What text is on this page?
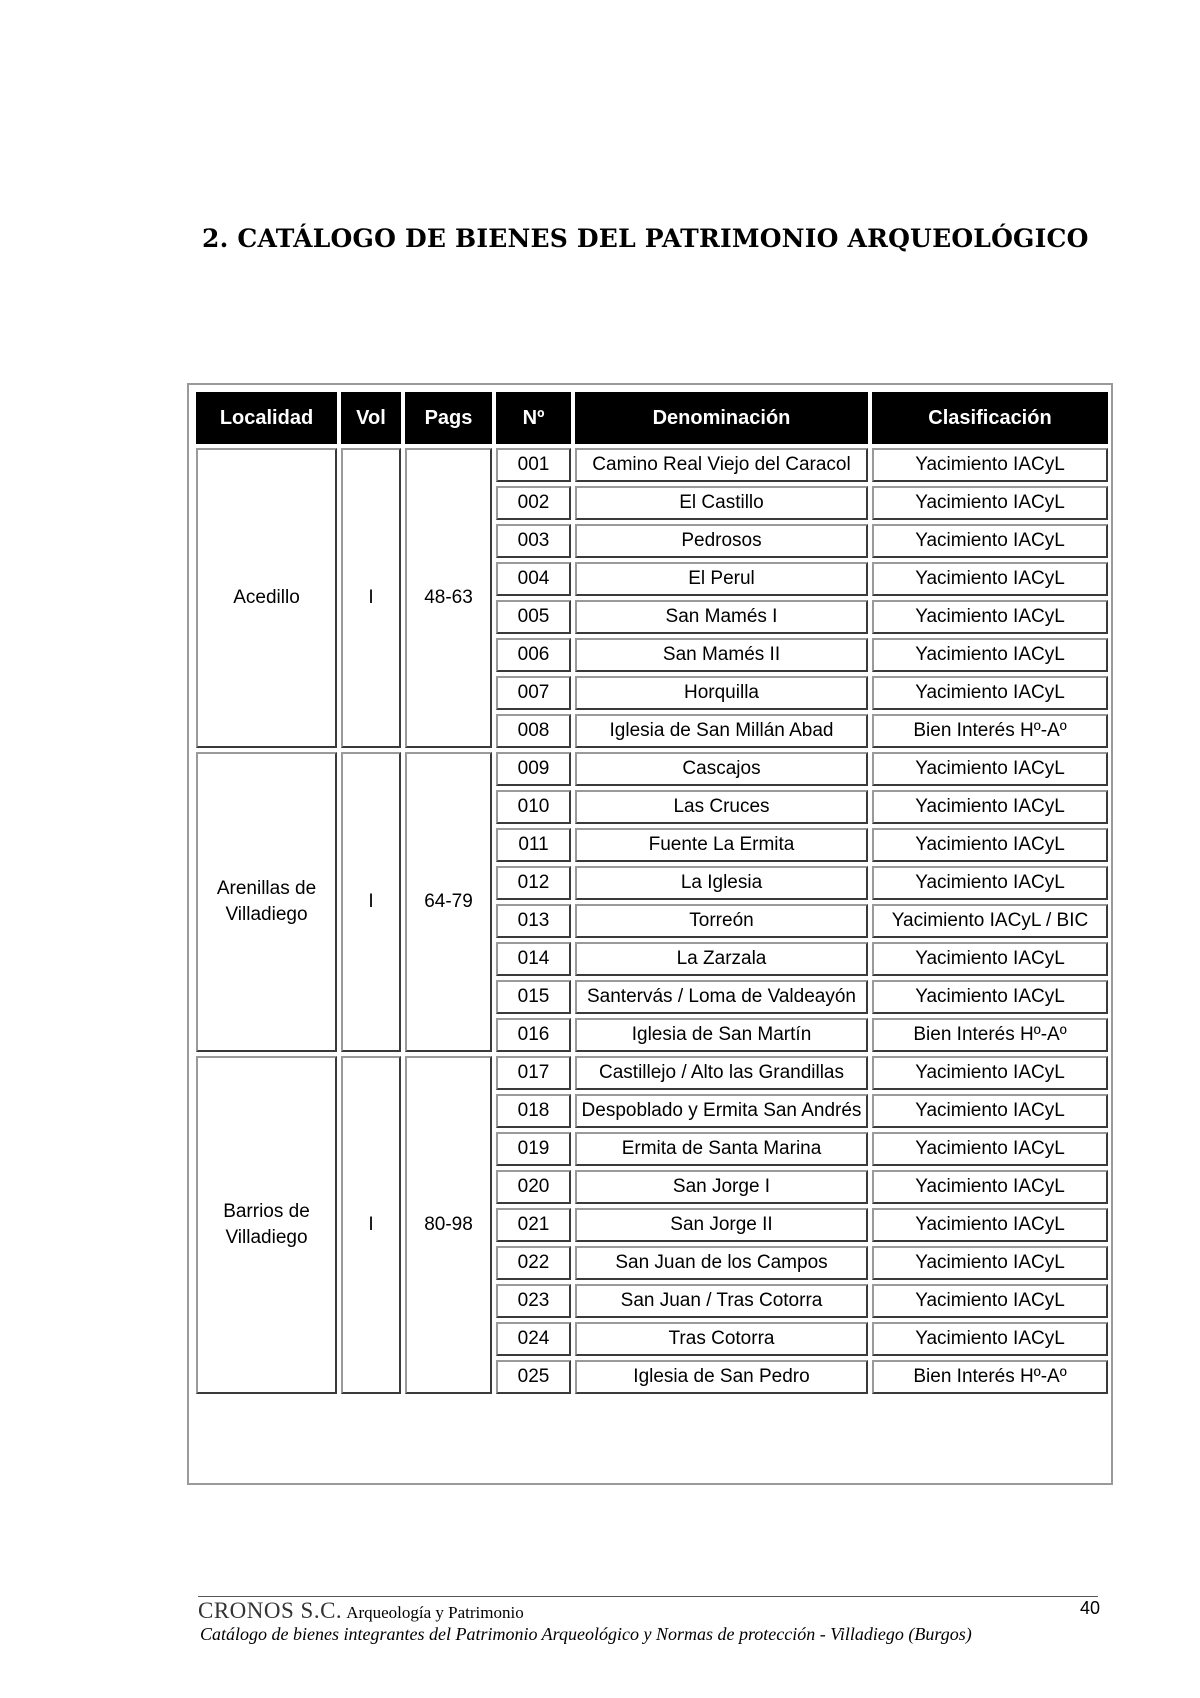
2. CATÁLOGO DE BIENES DEL PATRIMONIO ARQUEOLÓGICO
Localidad	Vol	Pags	Nº	Denominación	Clasificación
Acedillo	I	48-63	001	Camino Real Viejo del Caracol	Yacimiento IACyL
			002	El Castillo	Yacimiento IACyL
			003	Pedrosos	Yacimiento IACyL
			004	El Perul	Yacimiento IACyL
			005	San Mamés I	Yacimiento IACyL
			006	San Mamés II	Yacimiento IACyL
			007	Horquilla	Yacimiento IACyL
			008	Iglesia de San Millán Abad	Bien Interés Hº-Aº
Arenillas de Villadiego	I	64-79	009	Cascajos	Yacimiento IACyL
			010	Las Cruces	Yacimiento IACyL
			011	Fuente La Ermita	Yacimiento IACyL
			012	La Iglesia	Yacimiento IACyL
			013	Torreón	Yacimiento IACyL / BIC
			014	La Zarzala	Yacimiento IACyL
			015	Santervás / Loma de Valdeayón	Yacimiento IACyL
			016	Iglesia de San Martín	Bien Interés Hº-Aº
Barrios de Villadiego	I	80-98	017	Castillejo / Alto las Grandillas	Yacimiento IACyL
			018	Despoblado y Ermita San Andrés	Yacimiento IACyL
			019	Ermita de Santa Marina	Yacimiento IACyL
			020	San Jorge I	Yacimiento IACyL
			021	San Jorge II	Yacimiento IACyL
			022	San Juan de los Campos	Yacimiento IACyL
			023	San Juan / Tras Cotorra	Yacimiento IACyL
			024	Tras Cotorra	Yacimiento IACyL
			025	Iglesia de San Pedro	Bien Interés Hº-Aº
CRONOS S.C. Arqueología y Patrimonio	40
Catálogo de bienes integrantes del Patrimonio Arqueológico y Normas de protección - Villadiego (Burgos)
